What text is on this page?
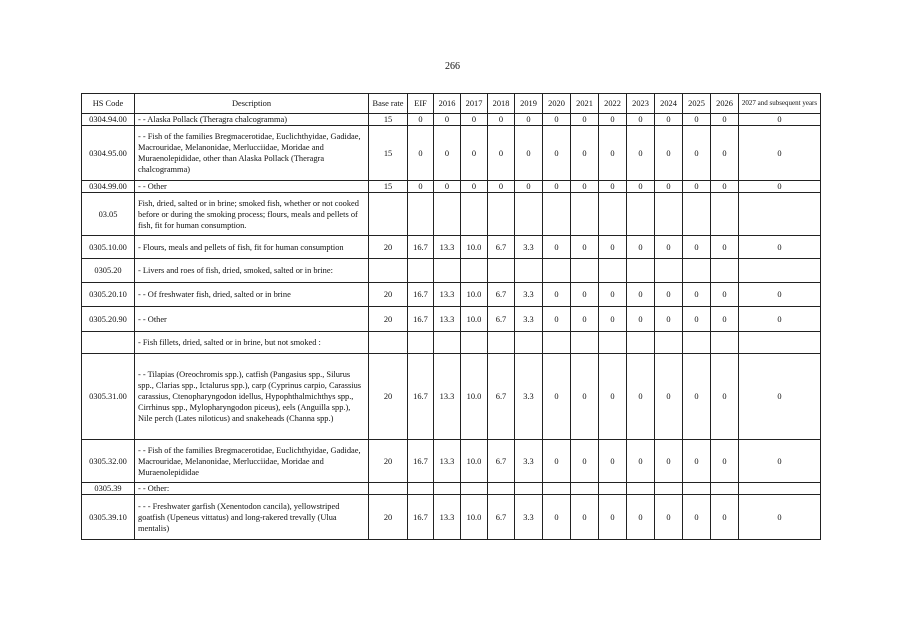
266
HS Code	Description	Base rate	EIF	2016	2017	2018	2019	2020	2021	2022	2023	2024	2025	2026	2027 and subsequent years
0304.94.00	- - Alaska Pollack (Theragra chalcogramma)	15	0	0	0	0	0	0	0	0	0	0	0	0	0
0304.95.00	- - Fish of the families Bregmacerotidae, Euclichthyidae, Gadidae, Macrouridae, Melanonidae, Merlucciidae, Moridae and Muraenolepididae, other than Alaska Pollack (Theragra chalcogramma)	15	0	0	0	0	0	0	0	0	0	0	0	0	0
0304.99.00	- - Other	15	0	0	0	0	0	0	0	0	0	0	0	0	0
03.05	Fish, dried, salted or in brine; smoked fish, whether or not cooked before or during the smoking process; flours, meals and pellets of fish, fit for human consumption.														
0305.10.00	- Flours, meals and pellets of fish, fit for human consumption	20	16.7	13.3	10.0	6.7	3.3	0	0	0	0	0	0	0	0
0305.20	- Livers and roes of fish, dried, smoked, salted or in brine:														
0305.20.10	- - Of freshwater fish, dried, salted or in brine	20	16.7	13.3	10.0	6.7	3.3	0	0	0	0	0	0	0	0
0305.20.90	- - Other	20	16.7	13.3	10.0	6.7	3.3	0	0	0	0	0	0	0	0
	- Fish fillets, dried, salted or in brine, but not smoked :														
0305.31.00	- - Tilapias (Oreochromis spp.), catfish (Pangasius spp., Silurus spp., Clarias spp., Ictalurus spp.), carp (Cyprinus carpio, Carassius carassius, Ctenopharyngodon idellus, Hypophthalmichthys spp., Cirrhinus spp., Mylopharyngodon piceus), eels (Anguilla spp.), Nile perch (Lates niloticus) and snakeheads (Channa spp.)	20	16.7	13.3	10.0	6.7	3.3	0	0	0	0	0	0	0	0
0305.32.00	- - Fish of the families Bregmacerotidae, Euclichthyidae, Gadidae, Macrouridae, Melanonidae, Merlucciidae, Moridae and Muraenolepididae	20	16.7	13.3	10.0	6.7	3.3	0	0	0	0	0	0	0	0
0305.39	- - Other:														
0305.39.10	- - - Freshwater garfish (Xenentodon cancila), yellowstriped goatfish (Upeneus vittatus) and long-rakered trevally (Ulua mentalis)	20	16.7	13.3	10.0	6.7	3.3	0	0	0	0	0	0	0	0
